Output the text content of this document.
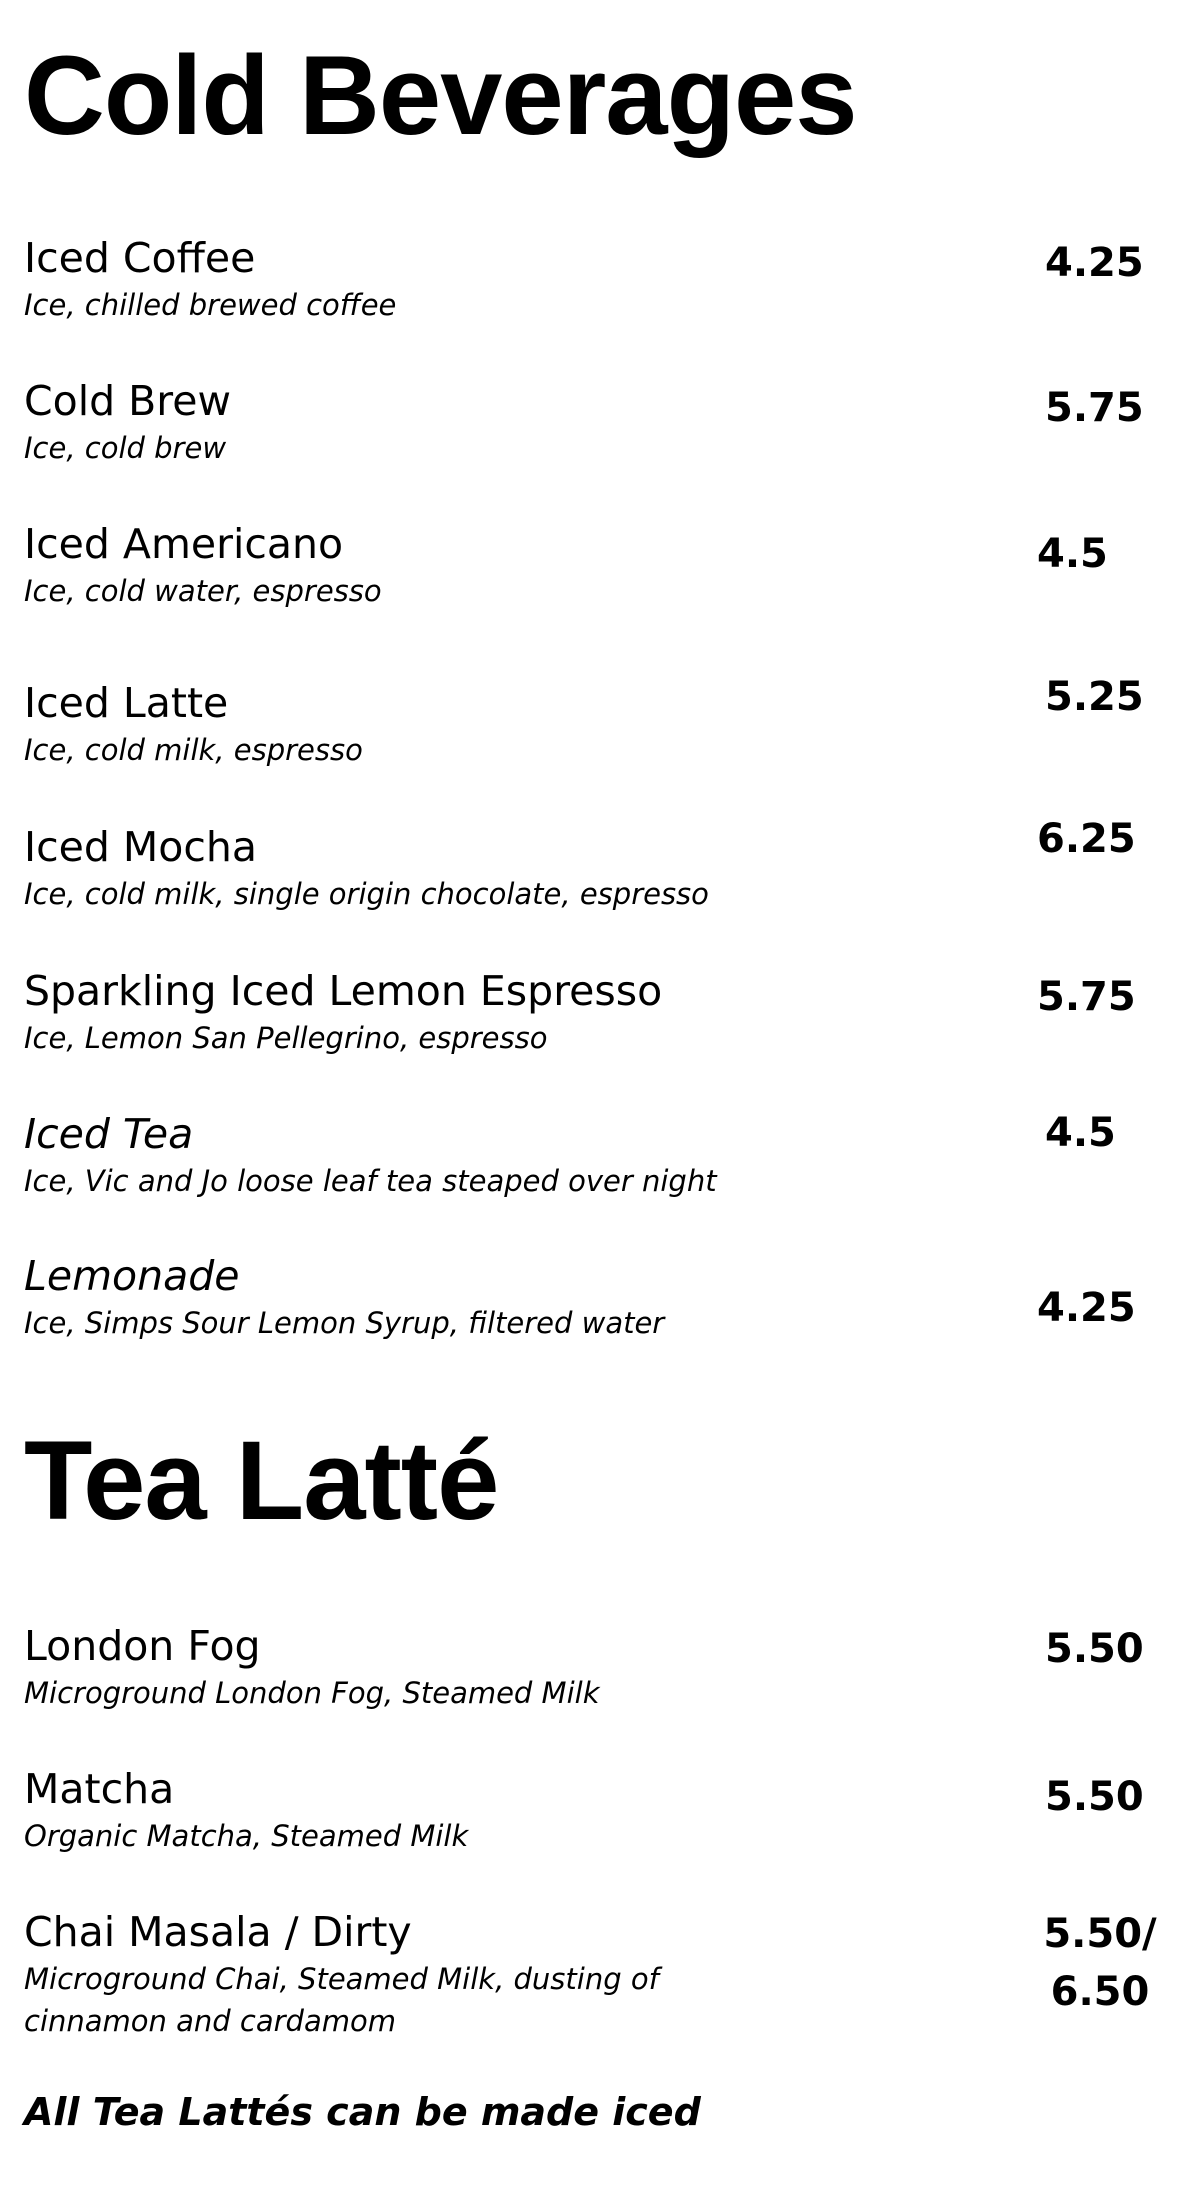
Cold Beverages
Iced Coffee
Ice, chilled brewed coffee
4.25
Cold Brew
Ice, cold brew
5.75
Iced Americano
Ice, cold water, espresso
4.5
Iced Latte
Ice, cold milk, espresso
5.25
Iced Mocha
Ice, cold milk, single origin chocolate, espresso
6.25
Sparkling Iced Lemon Espresso
Ice, Lemon San Pellegrino, espresso
5.75
Iced Tea
Ice, Vic and Jo loose leaf tea steaped over night
4.5
Lemonade
Ice, Simps Sour Lemon Syrup, filtered water	4.25
Tea Latté
London Fog
Microground London Fog, Steamed Milk
5.50
Matcha
Organic Matcha, Steamed Milk
5.50
Chai Masala / Dirty
Microground Chai, Steamed Milk, dusting of cinnamon and cardamom
5.50/ 6.50
All Tea Lattés can be made iced
